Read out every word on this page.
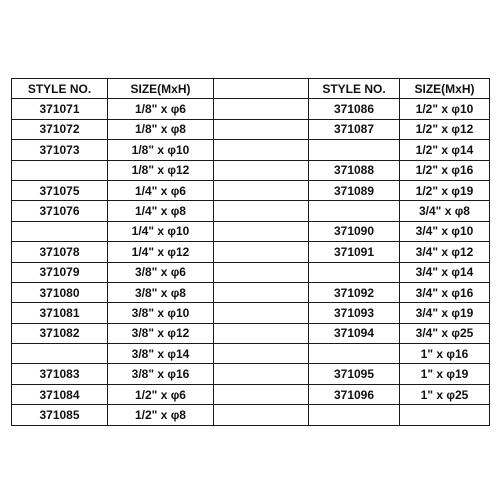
STYLE NO.	SIZE(MxH)		STYLE NO.	SIZE(MxH)
371071	1/8" x φ6		371086	1/2" x φ10
371072	1/8" x φ8		371087	1/2" x φ12
371073	1/8" x φ10			1/2" x φ14
	1/8" x φ12		371088	1/2" x φ16
371075	1/4" x φ6		371089	1/2" x φ19
371076	1/4" x φ8			3/4" x φ8
	1/4" x φ10		371090	3/4" x φ10
371078	1/4" x φ12		371091	3/4" x φ12
371079	3/8" x φ6			3/4" x φ14
371080	3/8" x φ8		371092	3/4" x φ16
371081	3/8" x φ10		371093	3/4" x φ19
371082	3/8" x φ12		371094	3/4" x φ25
	3/8" x φ14			1" x φ16
371083	3/8" x φ16		371095	1" x φ19
371084	1/2" x φ6		371096	1" x φ25
371085	1/2" x φ8			
